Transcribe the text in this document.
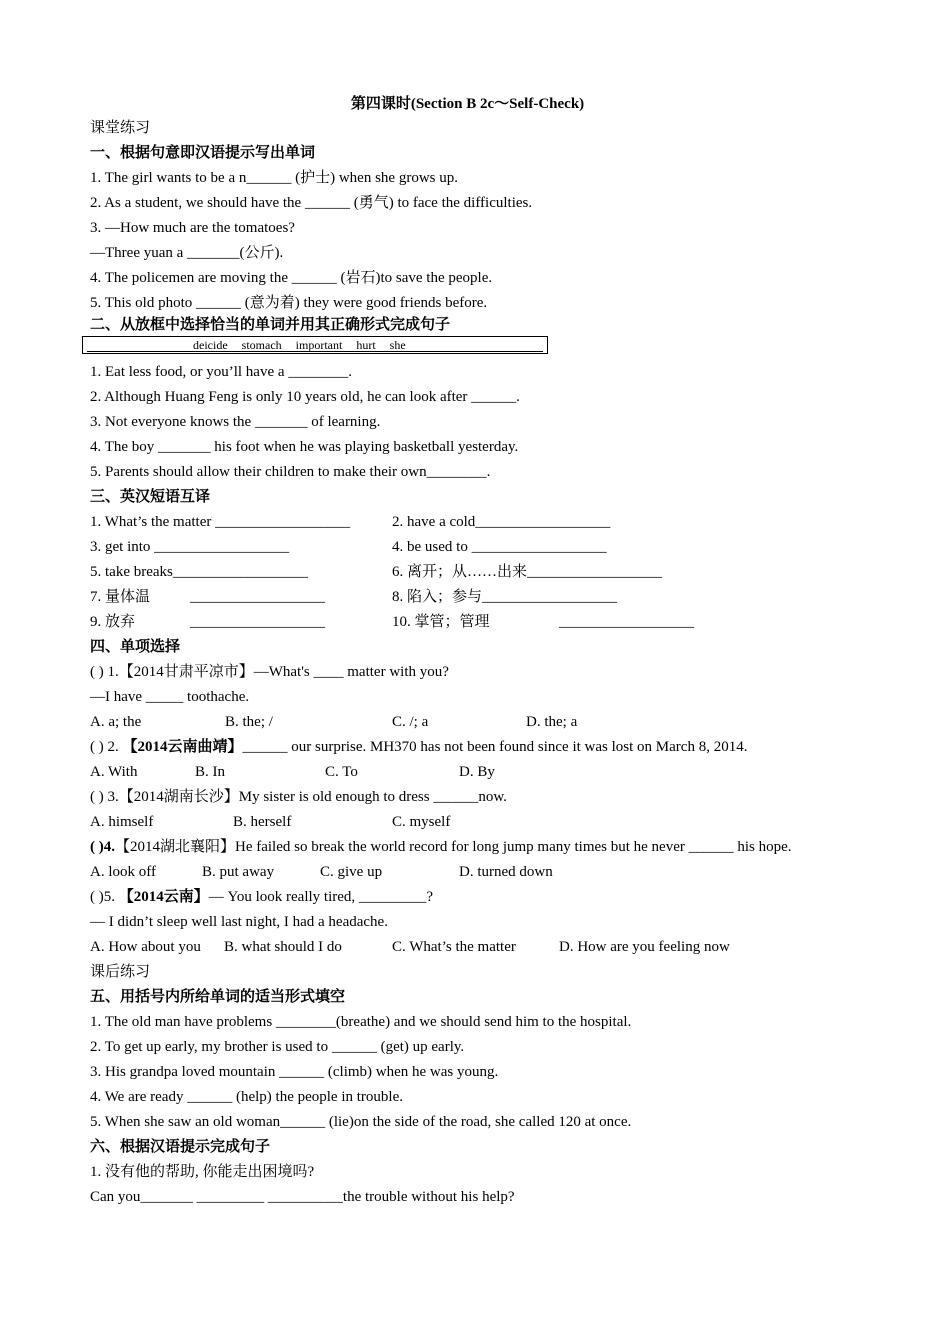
第四课时(Section B 2c～Self-Check)
课堂练习
一、根据句意即汉语提示写出单词
1. The girl wants to be a n______ (护士) when she grows up.
2. As a student, we should have the ______ (勇气) to face the difficulties.
3. —How much are the tomatoes?
—Three yuan a _______(公斤).
4. The policemen are moving the ______ (岩石)to save the people.
5. This old photo ______ (意为着) they were good friends before.
二、从放框中选择恰当的单词并用其正确形式完成句子
deicide stomach important hurt she
1. Eat less food, or you’ll have a ________.
2. Although Huang Feng is only 10 years old, he can look after ______.
3. Not everyone knows the _______ of learning.
4. The boy _______ his foot when he was playing basketball yesterday.
5. Parents should allow their children to make their own________.
三、英汉短语互译
1. What’s the matter __________________	2. have a cold__________________
3. get into __________________	4. be used to __________________
5. take breaks__________________	6. 离开；从……出来__________________
7. 量体温	__________________	8. 陷入；参与__________________
9. 放弃	__________________	10. 掌管；管理	__________________
四、单项选择
( ) 1.【2014甘肃平凉市】—What's ____ matter with you?
—I have _____ toothache.
A. a; the	B. the; /	C. /; a	D. the; a
( ) 2. 【2014云南曲靖】______ our surprise. MH370 has not been found since it was lost on March 8, 2014.
A. With	B. In	C. To	D. By
( ) 3.【2014湖南长沙】My sister is old enough to dress ______now.
A. himself	B. herself	C. myself
( )4.【2014湖北襄阳】He failed so break the world record for long jump many times but he never ______ his hope.
A. look off	B. put away	C. give up	D. turned down
( )5. 【2014云南】— You look really tired, _________?
— I didn’t sleep well last night, I had a headache.
A. How about you B. what should I do	C. What’s the matter	D. How are you feeling now
课后练习
五、用括号内所给单词的适当形式填空
1. The old man have problems ________(breathe) and we should send him to the hospital.
2. To get up early, my brother is used to ______ (get) up early.
3. His grandpa loved mountain ______ (climb) when he was young.
4. We are ready ______ (help) the people in trouble.
5. When she saw an old woman______ (lie)on the side of the road, she called 120 at once.
六、根据汉语提示完成句子
1. 没有他的帮助, 你能走出困境吗?
Can you_______ _________ __________the trouble without his help?
